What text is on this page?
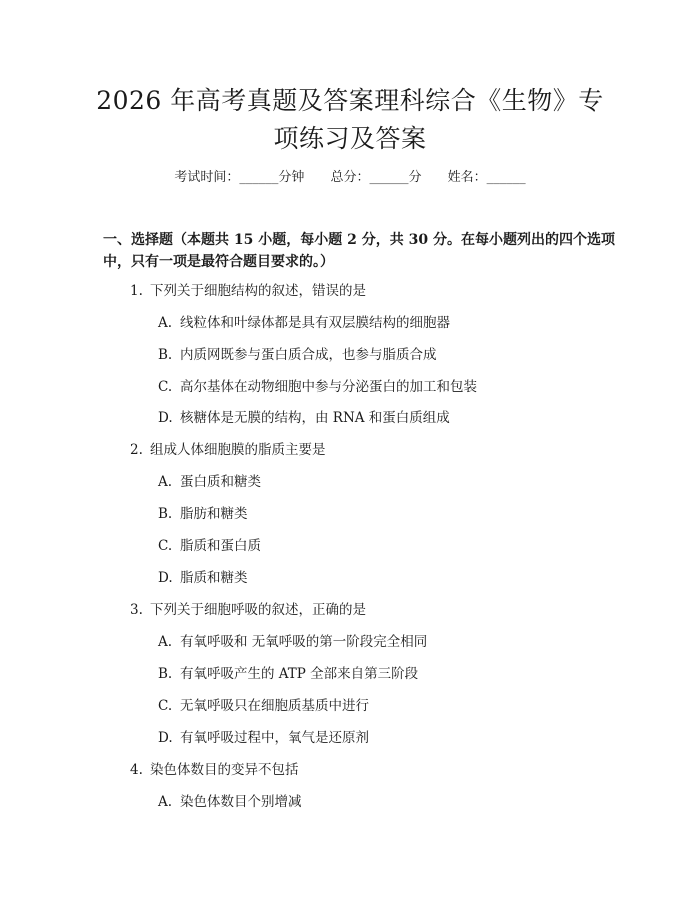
2026 年高考真题及答案理科综合《生物》专
项练习及答案
考试时间：______分钟 总分：______分 姓名：______
一、选择题（本题共 15 小题，每小题 2 分，共 30 分。在每小题列出的四个选项
中，只有一项是最符合题目要求的。）
1. 下列关于细胞结构的叙述，错误的是
A. 线粒体和叶绿体都是具有双层膜结构的细胞器
B. 内质网既参与蛋白质合成，也参与脂质合成
C. 高尔基体在动物细胞中参与分泌蛋白的加工和包装
D. 核糖体是无膜的结构，由 RNA 和蛋白质组成
2. 组成人体细胞膜的脂质主要是
A. 蛋白质和糖类
B. 脂肪和糖类
C. 脂质和蛋白质
D. 脂质和糖类
3. 下列关于细胞呼吸的叙述，正确的是
A. 有氧呼吸和 无氧呼吸的第一阶段完全相同
B. 有氧呼吸产生的 ATP 全部来自第三阶段
C. 无氧呼吸只在细胞质基质中进行
D. 有氧呼吸过程中，氧气是还原剂
4. 染色体数目的变异不包括
A. 染色体数目个别增减
